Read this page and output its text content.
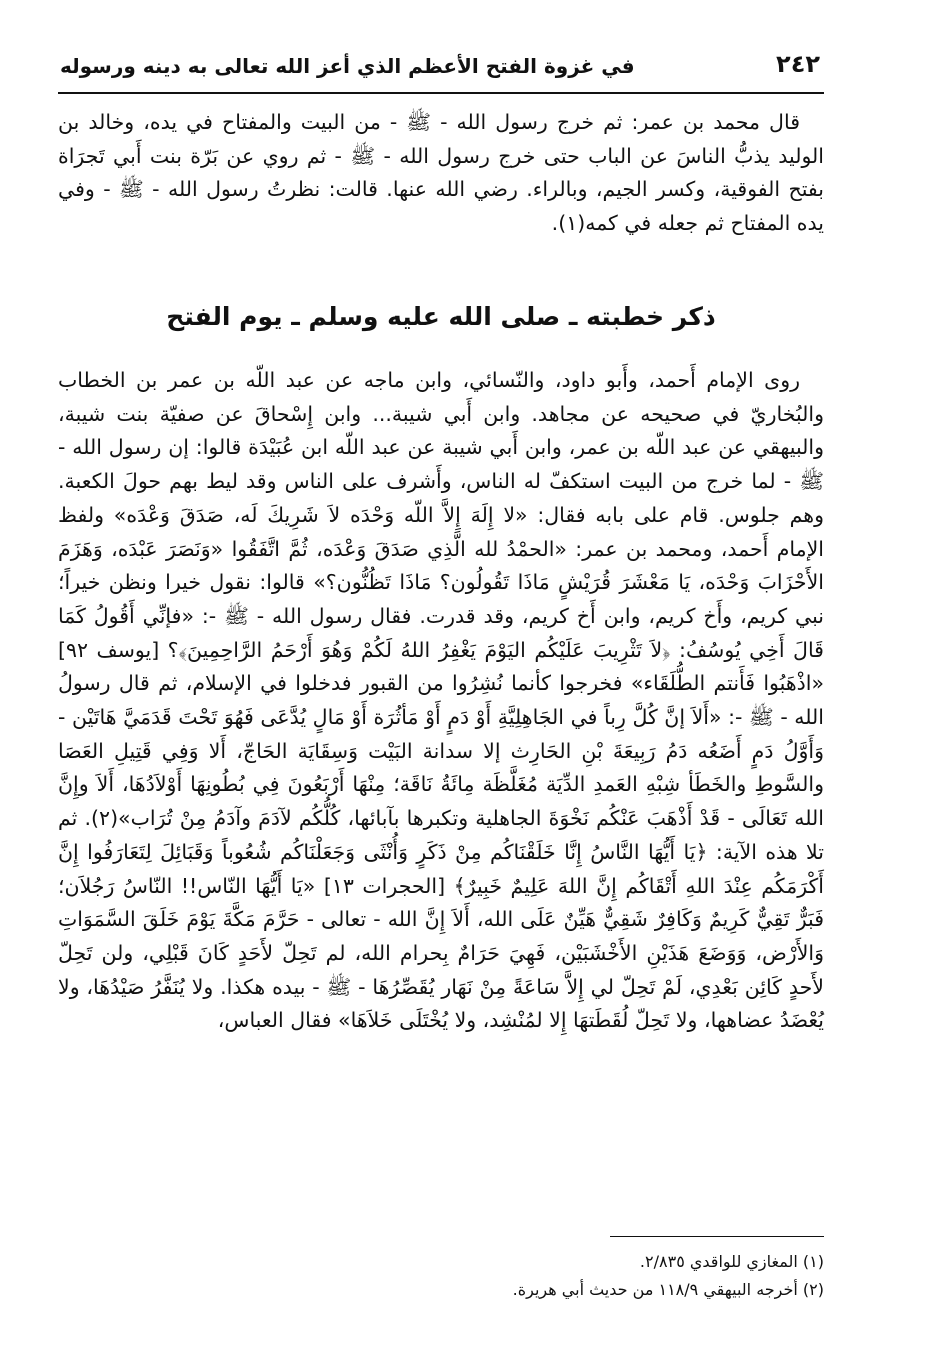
٢٤٢
في غزوة الفتح الأعظم الذي أعز الله تعالى به دينه ورسوله

قال محمد بن عمر: ثم خرج رسول الله - ﷺ - من البيت والمفتاح في يده، وخالد بن الوليد يذبُّ الناسَ عن الباب حتى خرج رسول الله - ﷺ - ثم روي عن بَرّة بنت أَبي تَجرَاة بفتح الفوقية، وكسر الجيم، وبالراء. رضي الله عنها. قالت: نظرتُ رسول الله - ﷺ - وفي يده المفتاح ثم جعله في كمه(١).

ذكر خطبته ـ صلى الله عليه وسلم ـ يوم الفتح

روى الإمام أَحمد، وأَبو داود، والنّسائي، وابن ماجه عن عبد اللّه بن عمر بن الخطاب والبُخاريّ في صحيحه عن مجاهد. وابن أَبي شيبة... وابن إِسْحاقَ عن صفيّة بنت شيبة، والبيهقي عن عبد اللّه بن عمر، وابن أَبي شيبة عن عبد اللّه ابن عُبَيْدَة قالوا: إن رسول الله - ﷺ - لما خرج من البيت استكفّ له الناس، وأَشرف على الناس وقد ليط بهم حولَ الكعبة. وهم جلوس. قام على بابه فقال: «لا إِلَهَ إِلاَّ اللّه وَحْدَه لاَ شَرِيكَ لَه، صَدَقَ وَعْدَه» ولفظ الإمام أَحمد، ومحمد بن عمر: «الحمْدُ لله الَّذِي صَدَقَ وَعْدَه، ثُمَّ اتَّفَقُوا «وَنَصَرَ عَبْدَه، وَهَزَمَ الأَحْزَابَ وَحْدَه، يَا مَعْشَرَ قُرَيْشٍ مَاذَا تَقُولُون؟ مَاذَا تَظُنُّون؟» قالوا: نقول خيرا ونظن خيراً؛ نبي كريم، وأَخ كريم، وابن أَخ كريم، وقد قدرت. فقال رسول الله - ﷺ -: «فإنِّي أَقُولُ كَمَا قَالَ أَخِي يُوسُفُ: ﴿لاَ تَثْرِيبَ عَلَيْكُم اليَوْمَ يَغْفِرُ اللهُ لَكُمْ وَهُوَ أَرْحَمُ الرَّاحِمِينَ﴾؟ [يوسف ٩٢] «اذْهَبُوا فَأَنتم الطُّلَقَاء» فخرجوا كأنما نُشِرُوا من القبور فدخلوا في الإسلام، ثم قال رسولُ الله - ﷺ -: «أَلاَ إنَّ كُلَّ رِباً في الجَاهِلِيَّةِ أَوْ دَمٍ أَوْ مَأثُرَة أَوْ مَالٍ يُدَّعَى فَهُوَ تَحْتَ قَدَمَيَّ هَاتَيْن - وَأَوَّلُ دَمٍ أَضَعُه دَمُ رَبِيعَةَ بْنِ الحَارِث إلا سدانة البَيْت وَسِقَايَة الحَاجّ، أَلا وَفِي قَتِيلِ العَصَا والسَّوطِ والخَطَأ شِبْهِ العَمدِ الدِّيَة مُغَلَّظَة مِائَةُ نَاقَة؛ مِنْهَا أَرْبَعُونَ فِي بُطُونِهَا أَوْلاَدُهَا، أَلاَ وإِنَّ الله تَعَالَى - قَدْ أَذْهَبَ عَنْكُم نَخْوَةَ الجاهلية وتكبرها بآبائها، كُلُّكُم لآدَمَ وآدَمُ مِنْ تُرَاب»(٢). ثم تلا هذه الآية: ﴿يَا أَيُّهَا النَّاسُ إِنَّا خَلَقْنَاكُم مِنْ ذَكَرٍ وَأُنْثَى وَجَعَلْنَاكُم شُعُوباً وَقَبَائِلَ لِتَعَارَفُوا إِنَّ أَكْرَمَكُم عِنْدَ اللهِ أَتْقَاكُم إِنَّ اللهَ عَلِيمٌ خَبِيرٌ﴾ [الحجرات ١٣] «يَا أَيُّهَا النّاس!! النّاسُ رَجُلاَن؛ فَبَرٌّ تَقِيٌّ كَرِيمٌ وَكَافِرٌ شَقِيٌّ هَيِّنٌ عَلَى الله، أَلاَ إِنَّ الله - تعالى - حَرَّمَ مَكَّةَ يَوْمَ خَلَقَ السَّمَوَاتِ وَالأَرْض، وَوَضَعَ هَذَيْنِ الأَخْشَبَيْن، فَهِيَ حَرَامٌ بِحرام الله، لم تَحِلّ لأَحَدٍ كَانَ قَبْلِي، ولن تَحِلّ لأَحدٍ كَائِن بَعْدِي، لَمْ تَحِلّ لي إِلاَّ سَاعَةً مِنْ نَهَار يُقَصِّرُهَا - ﷺ - بيده هكذا. ولا يُنَفَّرُ صَيْدُهَا، ولا يُعْضَدُ عضاهها، ولا تَحِلّ لُقَطَتهَا إِلا لمُنْشِد، ولا يُخْتَلَى خَلاَهَا» فقال العباس،

(١) المغازي للواقدي ٢/٨٣٥.
(٢) أخرجه البيهقي ١١٨/٩ من حديث أبي هريرة.
